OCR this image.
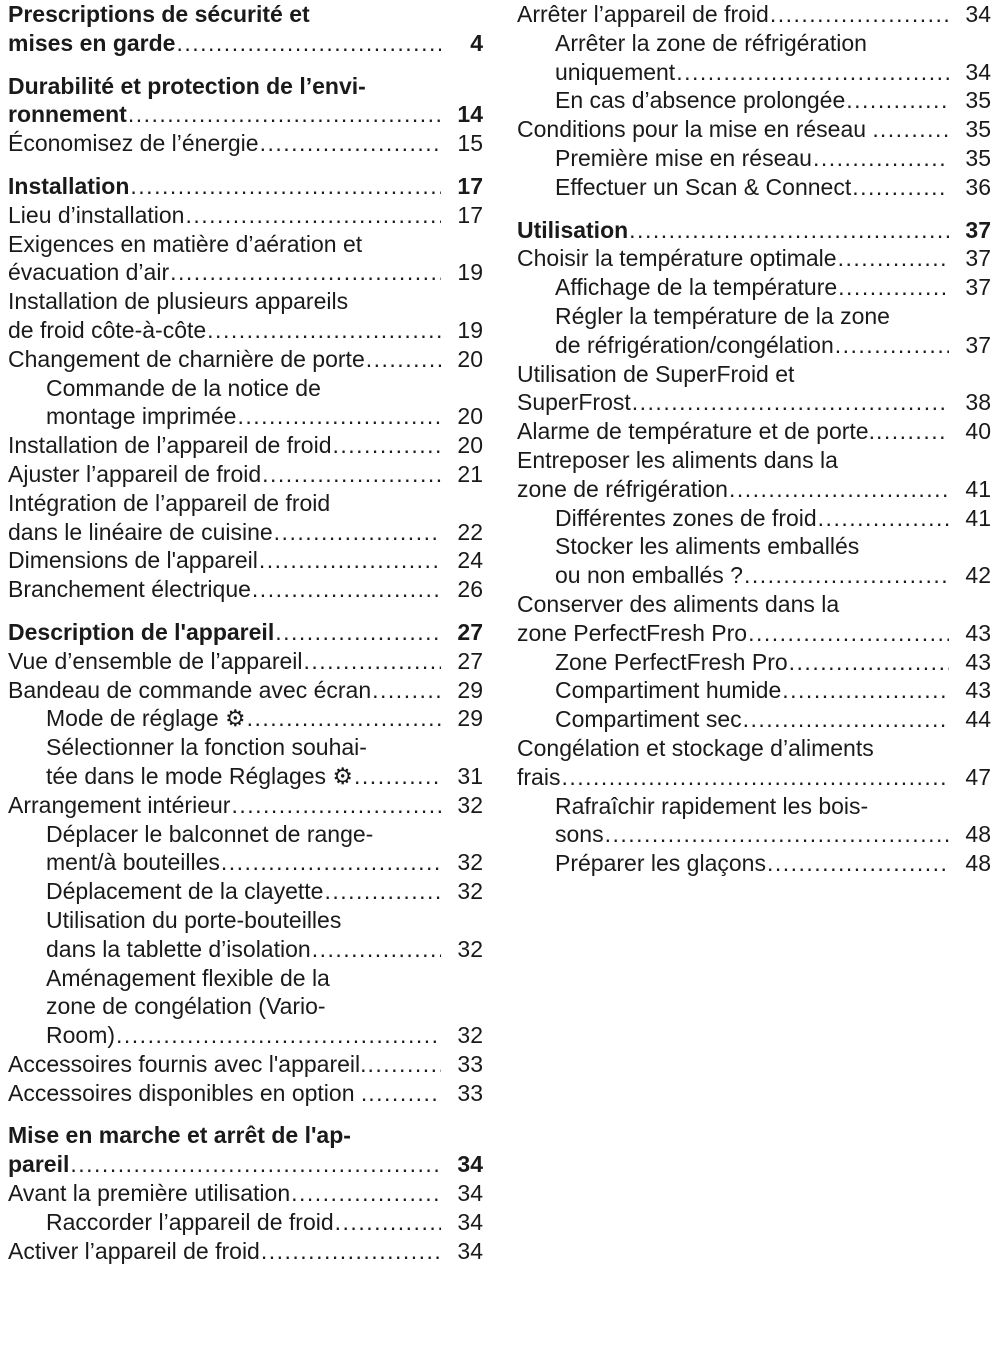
Prescriptions de sécurité et
mises en garde .....	4
Durabilité et protection de l’envi-
ronnement .....	14
Économisez de l’énergie .....	15
Installation .....	17
Lieu d’installation .....	17
Exigences en matière d’aération et
évacuation d’air .....	19
Installation de plusieurs appareils
de froid côte-à-côte .....	19
Changement de charnière de porte .....	20
Commande de la notice de
montage imprimée .....	20
Installation de l’appareil de froid .....	20
Ajuster l’appareil de froid .....	21
Intégration de l’appareil de froid
dans le linéaire de cuisine .....	22
Dimensions de l'appareil .....	24
Branchement électrique .....	26
Description de l'appareil .....	27
Vue d’ensemble de l’appareil .....	27
Bandeau de commande avec écran .....	29
Mode de réglage ⚙ .....	29
Sélectionner la fonction souhai-
tée dans le mode Réglages ⚙ .....	31
Arrangement intérieur .....	32
Déplacer le balconnet de range-
ment/à bouteilles .....	32
Déplacement de la clayette .....	32
Utilisation du porte-bouteilles
dans la tablette d’isolation .....	32
Aménagement flexible de la
zone de congélation (Vario-
Room) .....	32
Accessoires fournis avec l'appareil. .....	33
Accessoires disponibles en option . .....	33
Mise en marche et arrêt de l'ap-
pareil .....	34
Avant la première utilisation .....	34
Raccorder l’appareil de froid .....	34
Activer l’appareil de froid .....	34
Arrêter l’appareil de froid .....	34
Arrêter la zone de réfrigération
uniquement .....	34
En cas d’absence prolongée .....	35
Conditions pour la mise en réseau . .....	35
Première mise en réseau .....	35
Effectuer un Scan & Connect .....	36
Utilisation .....	37
Choisir la température optimale .....	37
Affichage de la température .....	37
Régler la température de la zone
de réfrigération/congélation .....	37
Utilisation de SuperFroid et
SuperFrost .....	38
Alarme de température et de porte. .....	40
Entreposer les aliments dans la
zone de réfrigération .....	41
Différentes zones de froid .....	41
Stocker les aliments emballés
ou non emballés ? .....	42
Conserver des aliments dans la
zone PerfectFresh Pro .....	43
Zone PerfectFresh Pro .....	43
Compartiment humide .....	43
Compartiment sec .....	44
Congélation et stockage d’aliments
frais .....	47
Rafraîchir rapidement les bois-
sons .....	48
Préparer les glaçons .....	48
